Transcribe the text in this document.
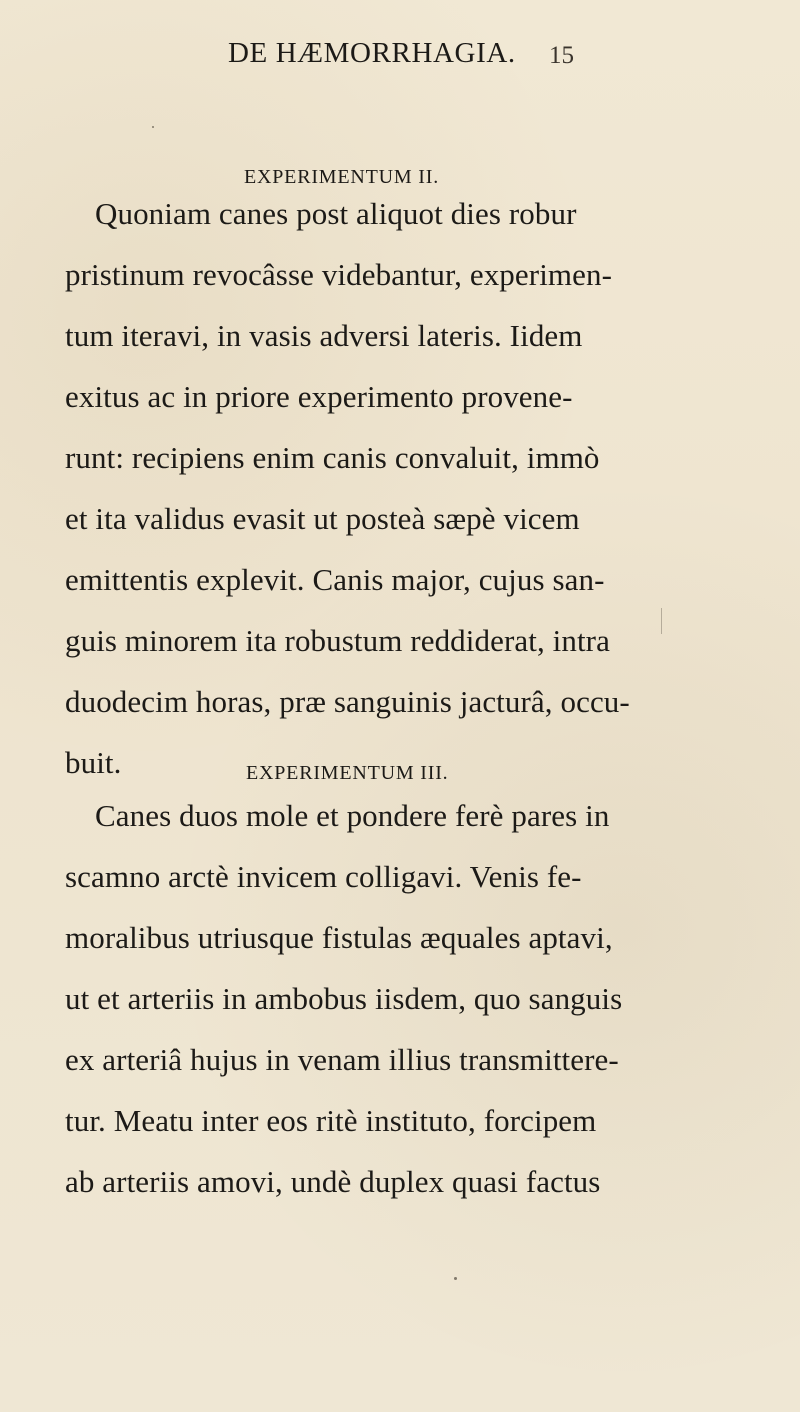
DE HÆMORRHAGIA. 15
EXPERIMENTUM II.
Quoniam canes post aliquot dies robur
pristinum revocâsse videbantur, experimen-
tum iteravi, in vasis adversi lateris. Iidem
exitus ac in priore experimento provene-
runt: recipiens enim canis convaluit, immò
et ita validus evasit ut posteà sæpè vicem
emittentis explevit. Canis major, cujus san-
guis minorem ita robustum reddiderat, intra
duodecim horas, præ sanguinis jacturâ, occu-
buit.	EXPERIMENTUM III.
Canes duos mole et pondere ferè pares in
scamno arctè invicem colligavi. Venis fe-
moralibus utriusque fistulas æquales aptavi,
ut et arteriis in ambobus iisdem, quo sanguis
ex arteriâ hujus in venam illius transmittere-
tur. Meatu inter eos ritè instituto, forcipem
ab arteriis amovi, undè duplex quasi factus
